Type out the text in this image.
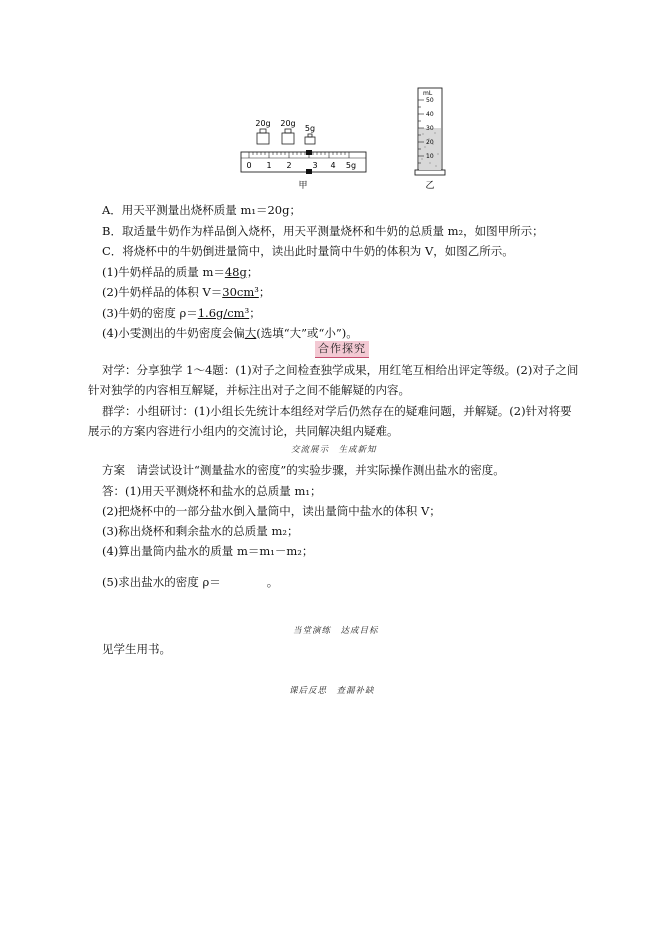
20g 20g
5g
0 1 2	3 4 5g
甲
mL
50
40
30
20
10
乙
A．用天平测量出烧杯质量 m₁＝20g；
B．取适量牛奶作为样品倒入烧杯，用天平测量烧杯和牛奶的总质量 m₂，如图甲所示；
C．将烧杯中的牛奶倒进量筒中，读出此时量筒中牛奶的体积为 V，如图乙所示。
(1)牛奶样品的质量 m＝48g；
(2)牛奶样品的体积 V＝30cm³；
(3)牛奶的密度 ρ＝1.6g/cm³；
(4)小雯测出的牛奶密度会偏大(选填“大”或“小”)。
合作探究
对学：分享独学 1～4题：(1)对子之间检查独学成果，用红笔互相给出评定等级。(2)对子之间
针对独学的内容相互解疑，并标注出对子之间不能解疑的内容。
群学：小组研讨：(1)小组长先统计本组经对学后仍然存在的疑难问题，并解疑。(2)针对将要
展示的方案内容进行小组内的交流讨论，共同解决組内疑难。
交流展示　生成新知
方案　请尝试设计“测量盐水的密度”的实验步骤，并实际操作测出盐水的密度。
答：(1)用天平测烧杯和盐水的总质量 m₁；
(2)把烧杯中的一部分盐水倒入量筒中，读出量筒中盐水的体积 V；
(3)称出烧杯和剩余盐水的总质量 m₂；
(4)算出量筒内盐水的质量 m＝m₁－m₂；
(5)求出盐水的密度 ρ＝　　　　。
当堂演练　达成目标
见学生用书。
课后反思　查漏补缺
